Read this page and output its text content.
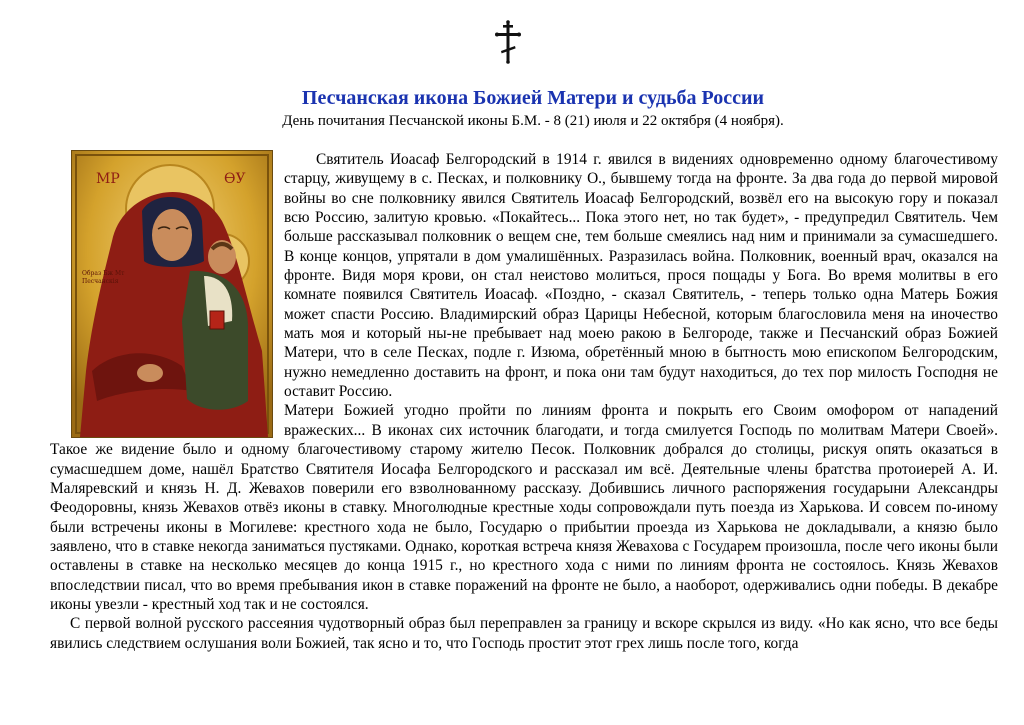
Песчанская икона Божией Матери и судьба России
День почитания Песчанской иконы Б.М. - 8 (21) июля и 22 октября (4 ноября).
МР	ѲУ
Образ Бж Мт
Песчанскiя

Святитель Иоасаф Белгородский в 1914 г. явился в видениях одновременно одному благочестивому старцу, живущему в с. Песках, и полковнику О., бывшему тогда на фронте. За два года до первой мировой войны во сне полковнику явился Святитель Иоасаф Белгородский, возвёл его на высокую гору и показал всю Россию, залитую кровью. «Покайтесь... Пока этого нет, но так будет», - предупредил Святитель. Чем больше рассказывал полковник о вещем сне, тем больше смеялись над ним и принимали за сумасшедшего. В конце концов, упрятали в дом умалишённых. Разразилась война. Полковник, военный врач, оказался на фронте. Видя моря крови, он стал неистово молиться, прося пощады у Бога. Во время молитвы в его комнате появился Святитель Иоасаф. «Поздно, - сказал Святитель, - теперь только одна Матерь Божия может спасти Россию. Владимирский образ Царицы Небесной, которым благословила меня на иночество мать моя и который ны-не пребывает над моею ракою в Белгороде, также и Песчанский образ Божией Матери, что в селе Песках, подле г. Изюма, обретённый мною в бытность мою епископом Белгородским, нужно немедленно доставить на фронт, и пока они там будут находиться, до тех пор милость Господня не оставит Россию.

Матери Божией угодно пройти по линиям фронта и покрыть его Своим омофором от нападений вражеских... В иконах сих источник благодати, и тогда смилуется Господь по молитвам Матери Своей». Такое же видение было и одному благочестивому старому жителю Песок. Полковник добрался до столицы, рискуя опять оказаться в сумасшедшем доме, нашёл Братство Святителя Иосафа Белгородского и рассказал им всё. Деятельные члены братства протоиерей А. И. Маляревский и князь Н. Д. Жевахов поверили его взволнованному рассказу. Добившись личного распоряжения государыни Александры Феодоровны, князь Жевахов отвёз иконы в ставку. Многолюдные крестные ходы сопровождали путь поезда из Харькова. И совсем по-иному были встречены иконы в Могилеве: крестного хода не было, Государю о прибытии проезда из Харькова не докладывали, а князю было заявлено, что в ставке некогда заниматься пустяками. Однако, короткая встреча князя Жевахова с Государем произошла, после чего иконы были оставлены в ставке на несколько месяцев до конца 1915 г., но крестного хода с ними по линиям фронта не состоялось. Князь Жевахов впоследствии писал, что во время пребывания икон в ставке поражений на фронте не было, а наоборот, одерживались одни победы. В декабре иконы увезли - крестный ход так и не состоялся.

С первой волной русского рассеяния чудотворный образ был переправлен за границу и вскоре скрылся из виду. «Но как ясно, что все беды явились следствием ослушания воли Божией, так ясно и то, что Господь простит этот грех лишь после того, когда
